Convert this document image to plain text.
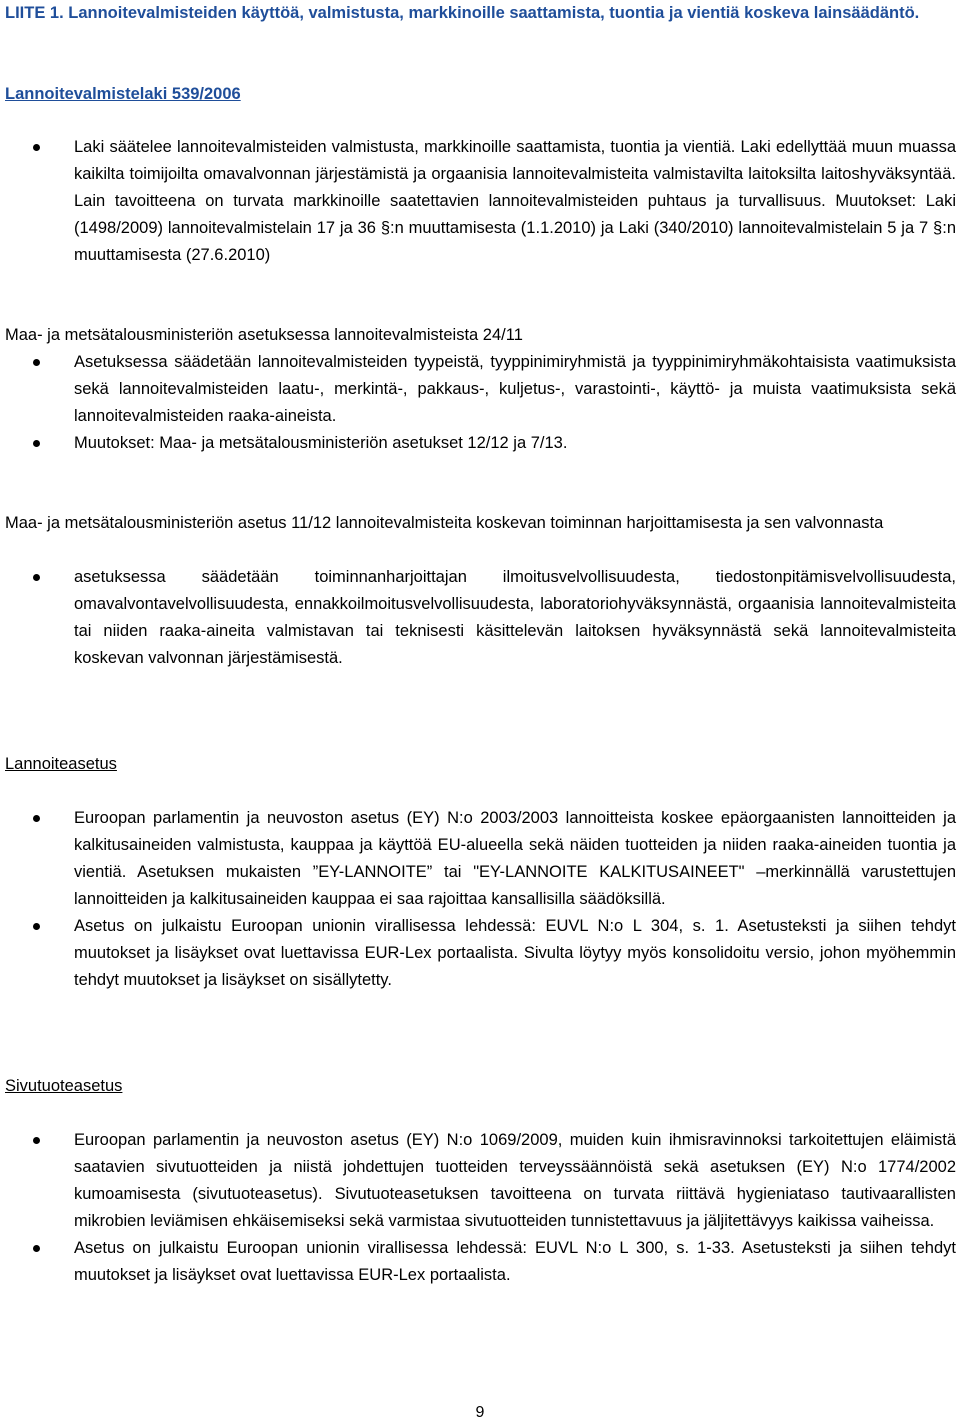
LIITE 1. Lannoitevalmisteiden käyttöä, valmistusta, markkinoille saattamista, tuontia ja vientiä koskeva lainsäädäntö.

Lannoitevalmistelaki 539/2006

Laki säätelee lannoitevalmisteiden valmistusta, markkinoille saattamista, tuontia ja vientiä. Laki edellyttää muun muassa kaikilta toimijoilta omavalvonnan järjestämistä ja orgaanisia lannoitevalmisteita valmistavilta laitoksilta laitoshyväksyntää. Lain tavoitteena on turvata markkinoille saatettavien lannoitevalmisteiden puhtaus ja turvallisuus. Muutokset: Laki (1498/2009) lannoitevalmistelain 17 ja 36 §:n muuttamisesta (1.1.2010) ja Laki (340/2010) lannoitevalmistelain 5 ja 7 §:n muuttamisesta (27.6.2010)

Maa- ja metsätalousministeriön asetuksessa lannoitevalmisteista 24/11

Asetuksessa säädetään lannoitevalmisteiden tyypeistä, tyyppinimiryhmistä ja tyyppinimiryhmäkohtaisista vaatimuksista sekä lannoitevalmisteiden laatu-, merkintä-, pakkaus-, kuljetus-, varastointi-, käyttö- ja muista vaatimuksista sekä lannoitevalmisteiden raaka-aineista.
Muutokset: Maa- ja metsätalousministeriön asetukset 12/12 ja 7/13.

Maa- ja metsätalousministeriön asetus 11/12 lannoitevalmisteita koskevan toiminnan harjoittamisesta ja sen valvonnasta

asetuksessa säädetään toiminnanharjoittajan ilmoitusvelvollisuudesta, tiedostonpitämisvelvollisuudesta, omavalvontavelvollisuudesta, ennakkoilmoitusvelvollisuudesta, laboratoriohyväksynnästä, orgaanisia lannoitevalmisteita tai niiden raaka-aineita valmistavan tai teknisesti käsittelevän laitoksen hyväksynnästä sekä lannoitevalmisteita koskevan valvonnan järjestämisestä.

Lannoiteasetus

Euroopan parlamentin ja neuvoston asetus (EY) N:o 2003/2003 lannoitteista koskee epäorgaanisten lannoitteiden ja kalkitusaineiden valmistusta, kauppaa ja käyttöä EU-alueella sekä näiden tuotteiden ja niiden raaka-aineiden tuontia ja vientiä. Asetuksen mukaisten ”EY-LANNOITE” tai "EY-LANNOITE KALKITUSAINEET" –merkinnällä varustettujen lannoitteiden ja kalkitusaineiden kauppaa ei saa rajoittaa kansallisilla säädöksillä.
Asetus on julkaistu Euroopan unionin virallisessa lehdessä: EUVL N:o L 304, s. 1. Asetusteksti ja siihen tehdyt muutokset ja lisäykset ovat luettavissa EUR-Lex portaalista. Sivulta löytyy myös konsolidoitu versio, johon myöhemmin tehdyt muutokset ja lisäykset on sisällytetty.

Sivutuoteasetus

Euroopan parlamentin ja neuvoston asetus (EY) N:o 1069/2009, muiden kuin ihmisravinnoksi tarkoitettujen eläimistä saatavien sivutuotteiden ja niistä johdettujen tuotteiden terveyssäännöistä sekä asetuksen (EY) N:o 1774/2002 kumoamisesta (sivutuoteasetus). Sivutuoteasetuksen tavoitteena on turvata riittävä hygieniataso tautivaarallisten mikrobien leviämisen ehkäisemiseksi sekä varmistaa sivutuotteiden tunnistettavuus ja jäljitettävyys kaikissa vaiheissa.
Asetus on julkaistu Euroopan unionin virallisessa lehdessä: EUVL N:o L 300, s. 1-33. Asetusteksti ja siihen tehdyt muutokset ja lisäykset ovat luettavissa EUR-Lex portaalista.
9
